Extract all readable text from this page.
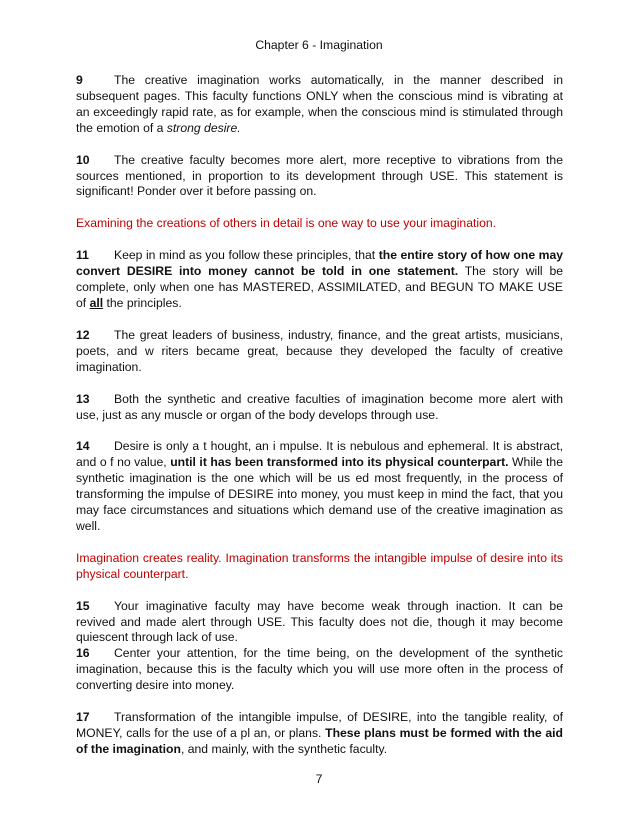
Chapter 6 - Imagination

9	The creative imagination works automatically, in the manner described in subsequent pages. This faculty functions ONLY when the conscious mind is vibrating at an exceedingly rapid rate, as for example, when the conscious mind is stimulated through the emotion of a strong desire.

10 The creative faculty becomes more alert, more receptive to vibrations from the sources mentioned, in proportion to its development through USE. This statement is significant! Ponder over it before passing on.

Examining the creations of others in detail is one way to use your imagination.

11 Keep in mind as you follow these principles, that the entire story of how one may convert DESIRE into money cannot be told in one statement. The story will be complete, only when one has MASTERED, ASSIMILATED, and BEGUN TO MAKE USE of all the principles.

12 The great leaders of business, industry, finance, and the great artists, musicians, poets, and w riters became great, because they developed the faculty of creative imagination.

13 Both the synthetic and creative faculties of imagination become more alert with use, just as any muscle or organ of the body develops through use.

14 Desire is only a t hought, an i mpulse. It is nebulous and ephemeral. It is abstract, and o f no value, until it has been transformed into its physical counterpart. While the synthetic imagination is the one which will be us ed most frequently, in the process of transforming the impulse of DESIRE into money, you must keep in mind the fact, that you may face circumstances and situations which demand use of the creative imagination as well.

Imagination creates reality. Imagination transforms the intangible impulse of desire into its physical counterpart.

15 Your imaginative faculty may have become weak through inaction. It can be revived and made alert through USE. This faculty does not die, though it may become quiescent through lack of use.

16 Center your attention, for the time being, on the development of the synthetic imagination, because this is the faculty which you will use more often in the process of converting desire into money.

17 Transformation of the intangible impulse, of DESIRE, into the tangible reality, of MONEY, calls for the use of a pl an, or plans. These plans must be formed with the aid of the imagination, and mainly, with the synthetic faculty.

7
